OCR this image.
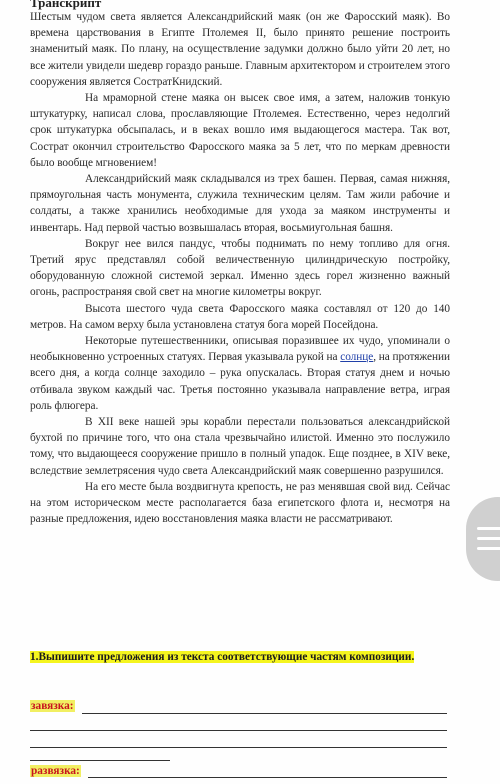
Транскрипт

Шестым чудом света является Александрийский маяк (он же Фаросский маяк). Во времена царствования в Египте Птолемея II, было принято решение построить знаменитый маяк. По плану, на осуществление задумки должно было уйти 20 лет, но все жители увидели шедевр гораздо раньше. Главным архитектором и строителем этого сооружения является СостратКнидский.

На мраморной стене маяка он высек свое имя, а затем, наложив тонкую штукатурку, написал слова, прославляющие Птолемея. Естественно, через недолгий срок штукатурка обсыпалась, и в веках вошло имя выдающегося мастера. Так вот, Сострат окончил строительство Фаросского маяка за 5 лет, что по меркам древности было вообще мгновением!

Александрийский маяк складывался из трех башен. Первая, самая нижняя, прямоугольная часть монумента, служила техническим целям. Там жили рабочие и солдаты, а также хранились необходимые для ухода за маяком инструменты и инвентарь. Над первой частью возвышалась вторая, восьмиугольная башня.

Вокруг нее вился пандус, чтобы поднимать по нему топливо для огня. Третий ярус представлял собой величественную цилиндрическую постройку, оборудованную сложной системой зеркал. Именно здесь горел жизненно важный огонь, распространяя свой свет на многие километры вокруг.

Высота шестого чуда света Фаросского маяка составлял от 120 до 140 метров. На самом верху была установлена статуя бога морей Посейдона.

Некоторые путешественники, описывая поразившее их чудо, упоминали о необыкновенно устроенных статуях. Первая указывала рукой на солнце, на протяжении всего дня, а когда солнце заходило – рука опускалась. Вторая статуя днем и ночью отбивала звуком каждый час. Третья постоянно указывала направление ветра, играя роль флюгера.

В XII веке нашей эры корабли перестали пользоваться александрийской бухтой по причине того, что она стала чрезвычайно илистой. Именно это послужило тому, что выдающееся сооружение пришло в полный упадок. Еще позднее, в XIV веке, вследствие землетрясения чудо света Александрийский маяк совершенно разрушился.

На его месте была воздвигнута крепость, не раз менявшая свой вид. Сейчас на этом историческом месте располагается база египетского флота и, несмотря на разные предложения, идею восстановления маяка власти не рассматривают.

1.Выпишите предложения из текста соответствующие частям композиции.
завязка:
развязка:
